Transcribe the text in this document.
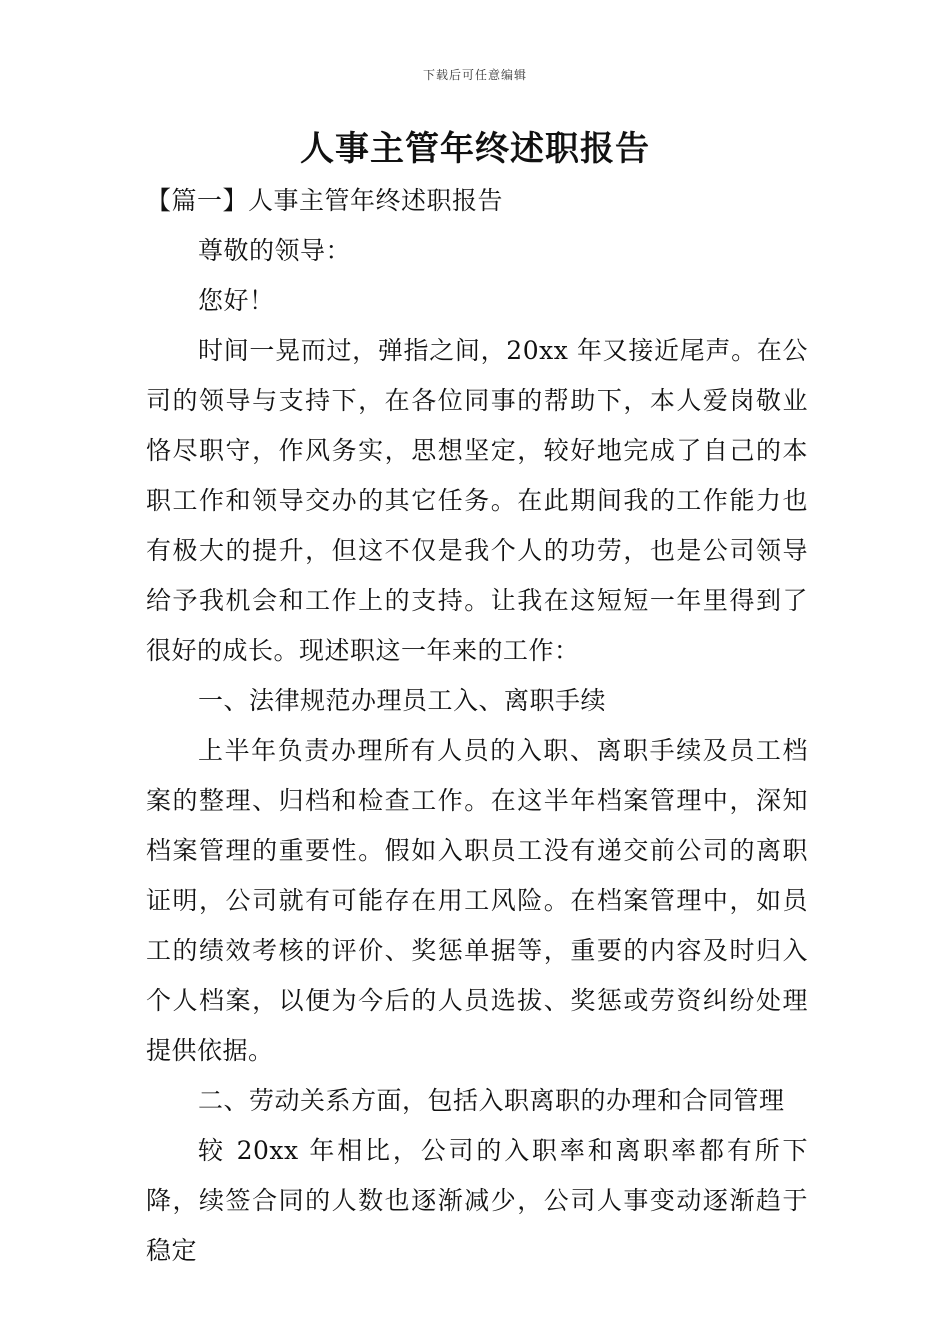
下载后可任意编辑
人事主管年终述职报告

【篇一】人事主管年终述职报告

尊敬的领导：

您好！

时间一晃而过，弹指之间，20xx 年又接近尾声。在公司的领导与支持下，在各位同事的帮助下，本人爱岗敬业恪尽职守，作风务实，思想坚定，较好地完成了自己的本职工作和领导交办的其它任务。在此期间我的工作能力也有极大的提升，但这不仅是我个人的功劳，也是公司领导给予我机会和工作上的支持。让我在这短短一年里得到了很好的成长。现述职这一年来的工作：

一、法律规范办理员工入、离职手续

上半年负责办理所有人员的入职、离职手续及员工档案的整理、归档和检查工作。在这半年档案管理中，深知档案管理的重要性。假如入职员工没有递交前公司的离职证明，公司就有可能存在用工风险。在档案管理中，如员工的绩效考核的评价、奖惩单据等，重要的内容及时归入个人档案，以便为今后的人员选拔、奖惩或劳资纠纷处理提供依据。

二、劳动关系方面，包括入职离职的办理和合同管理

较 20xx 年相比，公司的入职率和离职率都有所下降，续签合同的人数也逐渐减少，公司人事变动逐渐趋于稳定
